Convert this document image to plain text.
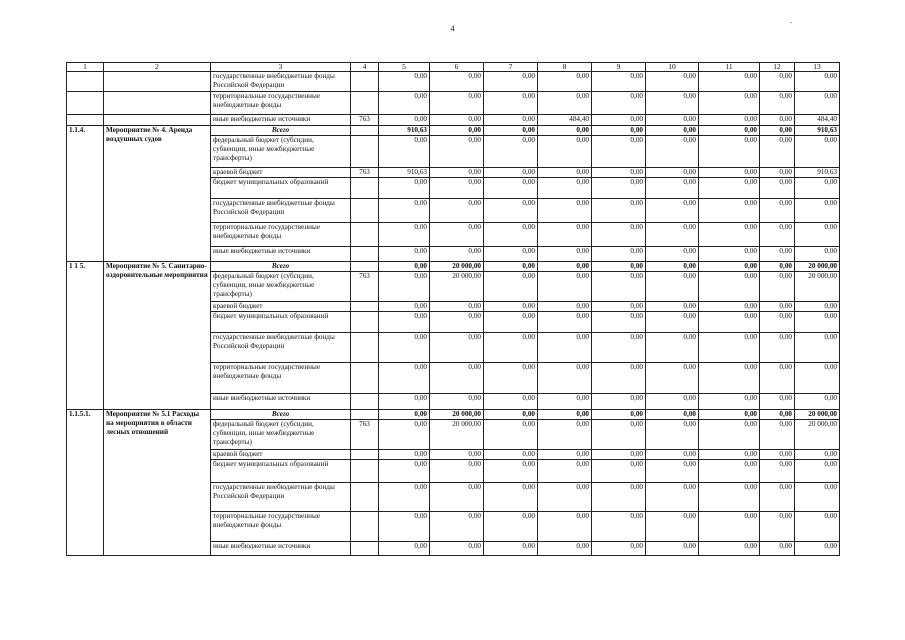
4
-
1	2	3	4	5	6	7	8	9	10	11	12	13
		государственные внебюджетные фонды Российской Федерации		0,00	0,00	0,00	0,00	0,00	0,00	0,00	0,00	0,00
		территориальные государственные внебюджетные фонды		0,00	0,00	0,00	0,00	0,00	0,00	0,00	0,00	0,00
		иные внебюджетные источники	763	0,00	0,00	0,00	484,40	0,00	0,00	0,00	0,00	484,40
1.1.4.	Мероприятие № 4. Аренда воздушных судов	Всего		910,63	0,00	0,00	0,00	0,00	0,00	0,00	0,00	910,63
		федеральный бюджет (субсидии, субвенции, иные межбюджетные трансферты)		0,00	0,00	0,00	0,00	0,00	0,00	0,00	0,00	0,00
		краевой бюджет	763	910,63	0,00	0,00	0,00	0,00	0,00	0,00	0,00	910,63
		бюджет муниципальных образований		0,00	0,00	0,00	0,00	0,00	0,00	0,00	0,00	0,00
		государственные внебюджетные фонды Российской Федерации		0,00	0,00	0,00	0,00	0,00	0,00	0,00	0,00	0,00
		территориальные государственные внебюджетные фонды		0,00	0,00	0,00	0,00	0,00	0,00	0,00	0,00	0,00
		иные внебюджетные источники		0,00	0,00	0,00	0,00	0,00	0,00	0,00	0,00	0,00
1 1 5.	Мероприятие № 5. Санитарно-оздоровительные мероприятия	Всего		0,00	20 000,00	0,00	0,00	0,00	0,00	0,00	0,00	20 000,00
		федеральный бюджет (субсидии, субвенции, иные межбюджетные трансферты)	763	0,00	20 000,00	0,00	0,00	0,00	0,00	0,00	0,00	20 000,00
		краевой бюджет		0,00	0,00	0,00	0,00	0,00	0,00	0,00	0,00	0,00
		бюджет муниципальных образований		0,00	0,00	0,00	0,00	0,00	0,00	0,00	0,00	0,00
		государственные внебюджетные фонды Российской Федерации		0,00	0,00	0,00	0,00	0,00	0,00	0,00	0,00	0,00
		территориальные государственные внебюджетные фонды		0,00	0,00	0,00	0,00	0,00	0,00	0,00	0,00	0,00
		иные внебюджетные источники		0,00	0,00	0,00	0,00	0,00	0,00	0,00	0,00	0,00
1.1.5.1.	Мероприятие № 5.1 Расходы на мероприятия в области лесных отношений	Всего		0,00	20 000,00	0,00	0,00	0,00	0,00	0,00	0,00	20 000,00
		федеральный бюджет (субсидии, субвенции, иные межбюджетные трансферты)	763	0,00	20 000,00	0,00	0,00	0,00	0,00	0,00	0,00	20 000,00
		краевой бюджет		0,00	0,00	0,00	0,00	0,00	0,00	0,00	0,00	0,00
		бюджет муниципальных образований		0,00	0,00	0,00	0,00	0,00	0,00	0,00	0,00	0,00
		государственные внебюджетные фонды Российской Федерации		0,00	0,00	0,00	0,00	0,00	0,00	0,00	0,00	0,00
		территориальные государственные внебюджетные фонды		0,00	0,00	0,00	0,00	0,00	0,00	0,00	0,00	0,00
		иные внебюджетные источники		0,00	0,00	0,00	0,00	0,00	0,00	0,00	0,00	0,00
